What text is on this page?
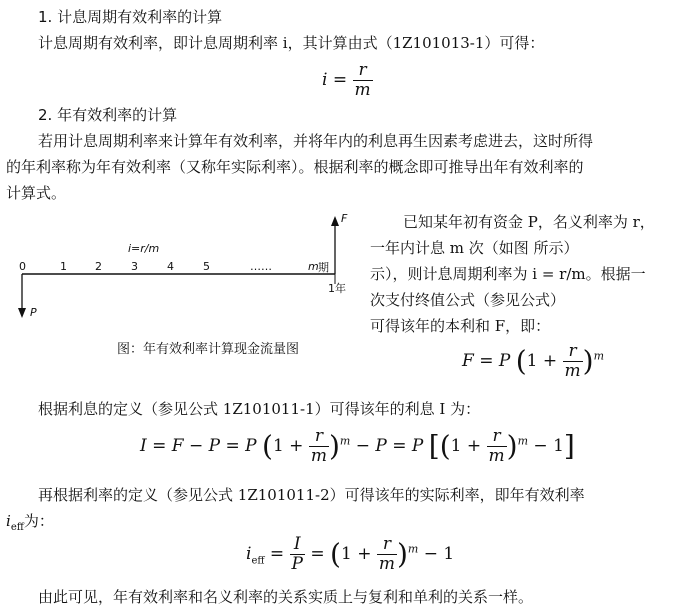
1. 计息周期有效利率的计算
计息周期有效利率，即计息周期利率 i，其计算由式（1Z101013-1）可得：
$i = \frac{r}{m}$
2. 年有效利率的计算
若用计息周期利率来计算年有效利率，并将年内的利息再生因素考虑进去，这时所得
的年利率称为年有效利率（又称年实际利率）。根据利率的概念即可推导出年有效利率的
计算式。
i=r/m
0	1	2	3	4	5	……	m 期
1年
F
P
图：年有效利率计算现金流量图
已知某年初有资金 P，名义利率为 r，
一年内计息 m 次（如图 所示）
示），则计息周期利率为 i = r/m。根据一
次支付终值公式（参见公式）
可得该年的本利和 F，即：
F = P $(1 + \frac{r}{m} )^m$
根据利息的定义（参见公式 1Z101011-1）可得该年的利息 I 为：
I = F − P = P $(1 + \frac{r}{m} )^m - P = P$ $[(1 + \frac{r}{m} )^m - 1]$
再根据利率的定义（参见公式 1Z101011-2）可得该年的实际利率，即年有效利率
$i_{eff}$为：
$i_{eff} = \frac{I}{P} = (1 + \frac{r}{m} )^m - 1$
由此可见，年有效利率和名义利率的关系实质上与复利和单利的关系一样。
